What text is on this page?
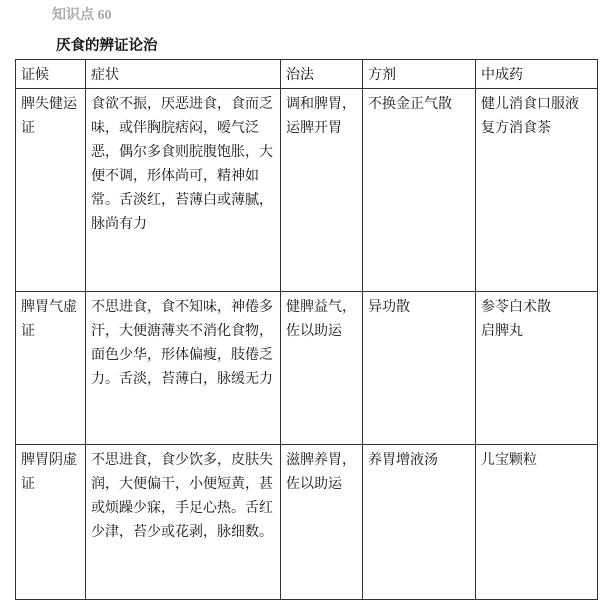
知识点 60
厌食的辨证论治
证候	症状	治法	方剂	中成药
脾失健运证	食欲不振，厌恶进食，食而乏味，或伴胸脘痞闷，嗳气泛恶，偶尔多食则脘腹饱胀，大便不调，形体尚可，精神如常。舌淡红，苔薄白或薄腻，脉尚有力	调和脾胃，运脾开胃	不换金正气散	健儿消食口服液
复方消食茶

脾胃气虚证	不思进食，食不知味，神倦多汗，大便溏薄夹不消化食物，面色少华，形体偏瘦，肢倦乏力。舌淡，苔薄白，脉缓无力	健脾益气，佐以助运	异功散	参苓白术散
启脾丸

脾胃阴虚证	不思进食，食少饮多，皮肤失润，大便偏干，小便短黄，甚或烦躁少寐，手足心热。舌红少津，苔少或花剥，脉细数。	滋脾养胃，佐以助运	养胃增液汤	儿宝颗粒
